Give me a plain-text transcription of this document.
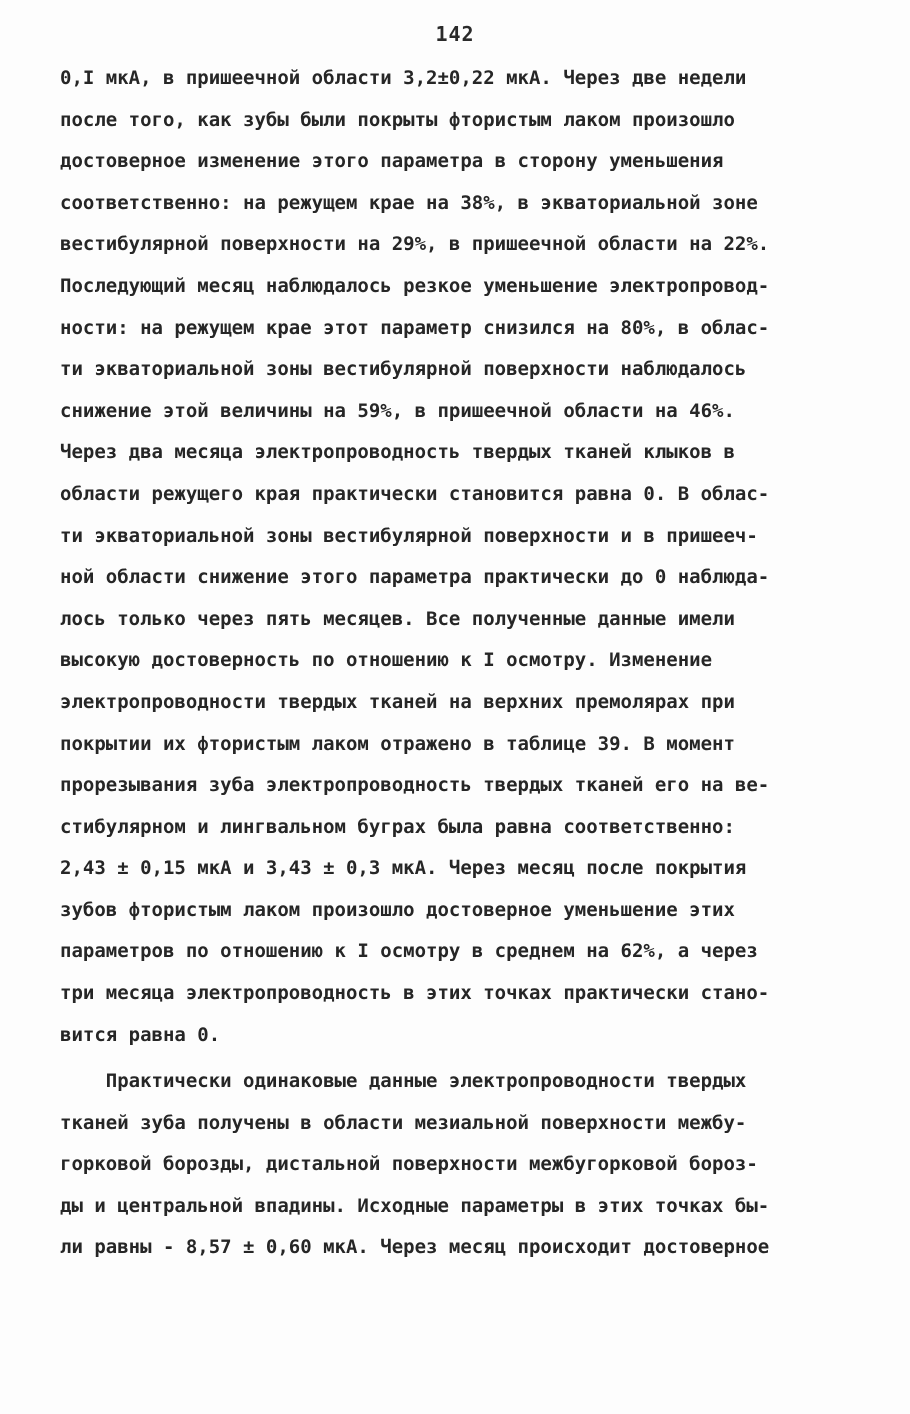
142
0,I мкА, в пришеечной области 3,2±0,22 мкА. Через две недели
после того, как зубы были покрыты фтористым лаком произошло
достоверное изменение этого параметра в сторону уменьшения
соответственно: на режущем крае на 38%, в экваториальной зоне
вестибулярной поверхности на 29%, в пришеечной области на 22%.
Последующий месяц наблюдалось резкое уменьшение электропровод-
ности: на режущем крае этот параметр снизился на 80%, в облас-
ти экваториальной зоны вестибулярной поверхности наблюдалось
снижение этой величины на 59%, в пришеечной области на 46%.
Через два месяца электропроводность твердых тканей клыков в
области режущего края практически становится равна 0. В облас-
ти экваториальной зоны вестибулярной поверхности и в пришееч-
ной области снижение этого параметра практически до 0 наблюда-
лось только через пять месяцев. Все полученные данные имели
высокую достоверность по отношению к I осмотру. Изменение
электропроводности твердых тканей на верхних премолярах при
покрытии их фтористым лаком отражено в таблице 39. В момент
прорезывания зуба электропроводность твердых тканей его на ве-
стибулярном и лингвальном буграх была равна соответственно:
2,43 ± 0,15 мкА и 3,43 ± 0,3 мкА. Через месяц после покрытия
зубов фтористым лаком произошло достоверное уменьшение этих
параметров по отношению к I осмотру в среднем на 62%, а через
три месяца электропроводность в этих точках практически стано-
вится равна 0.
Практически одинаковые данные электропроводности твердых
тканей зуба получены в области мезиальной поверхности межбу-
горковой борозды, дистальной поверхности межбугорковой бороз-
ды и центральной впадины. Исходные параметры в этих точках бы-
ли равны - 8,57 ± 0,60 мкА. Через месяц происходит достоверное
